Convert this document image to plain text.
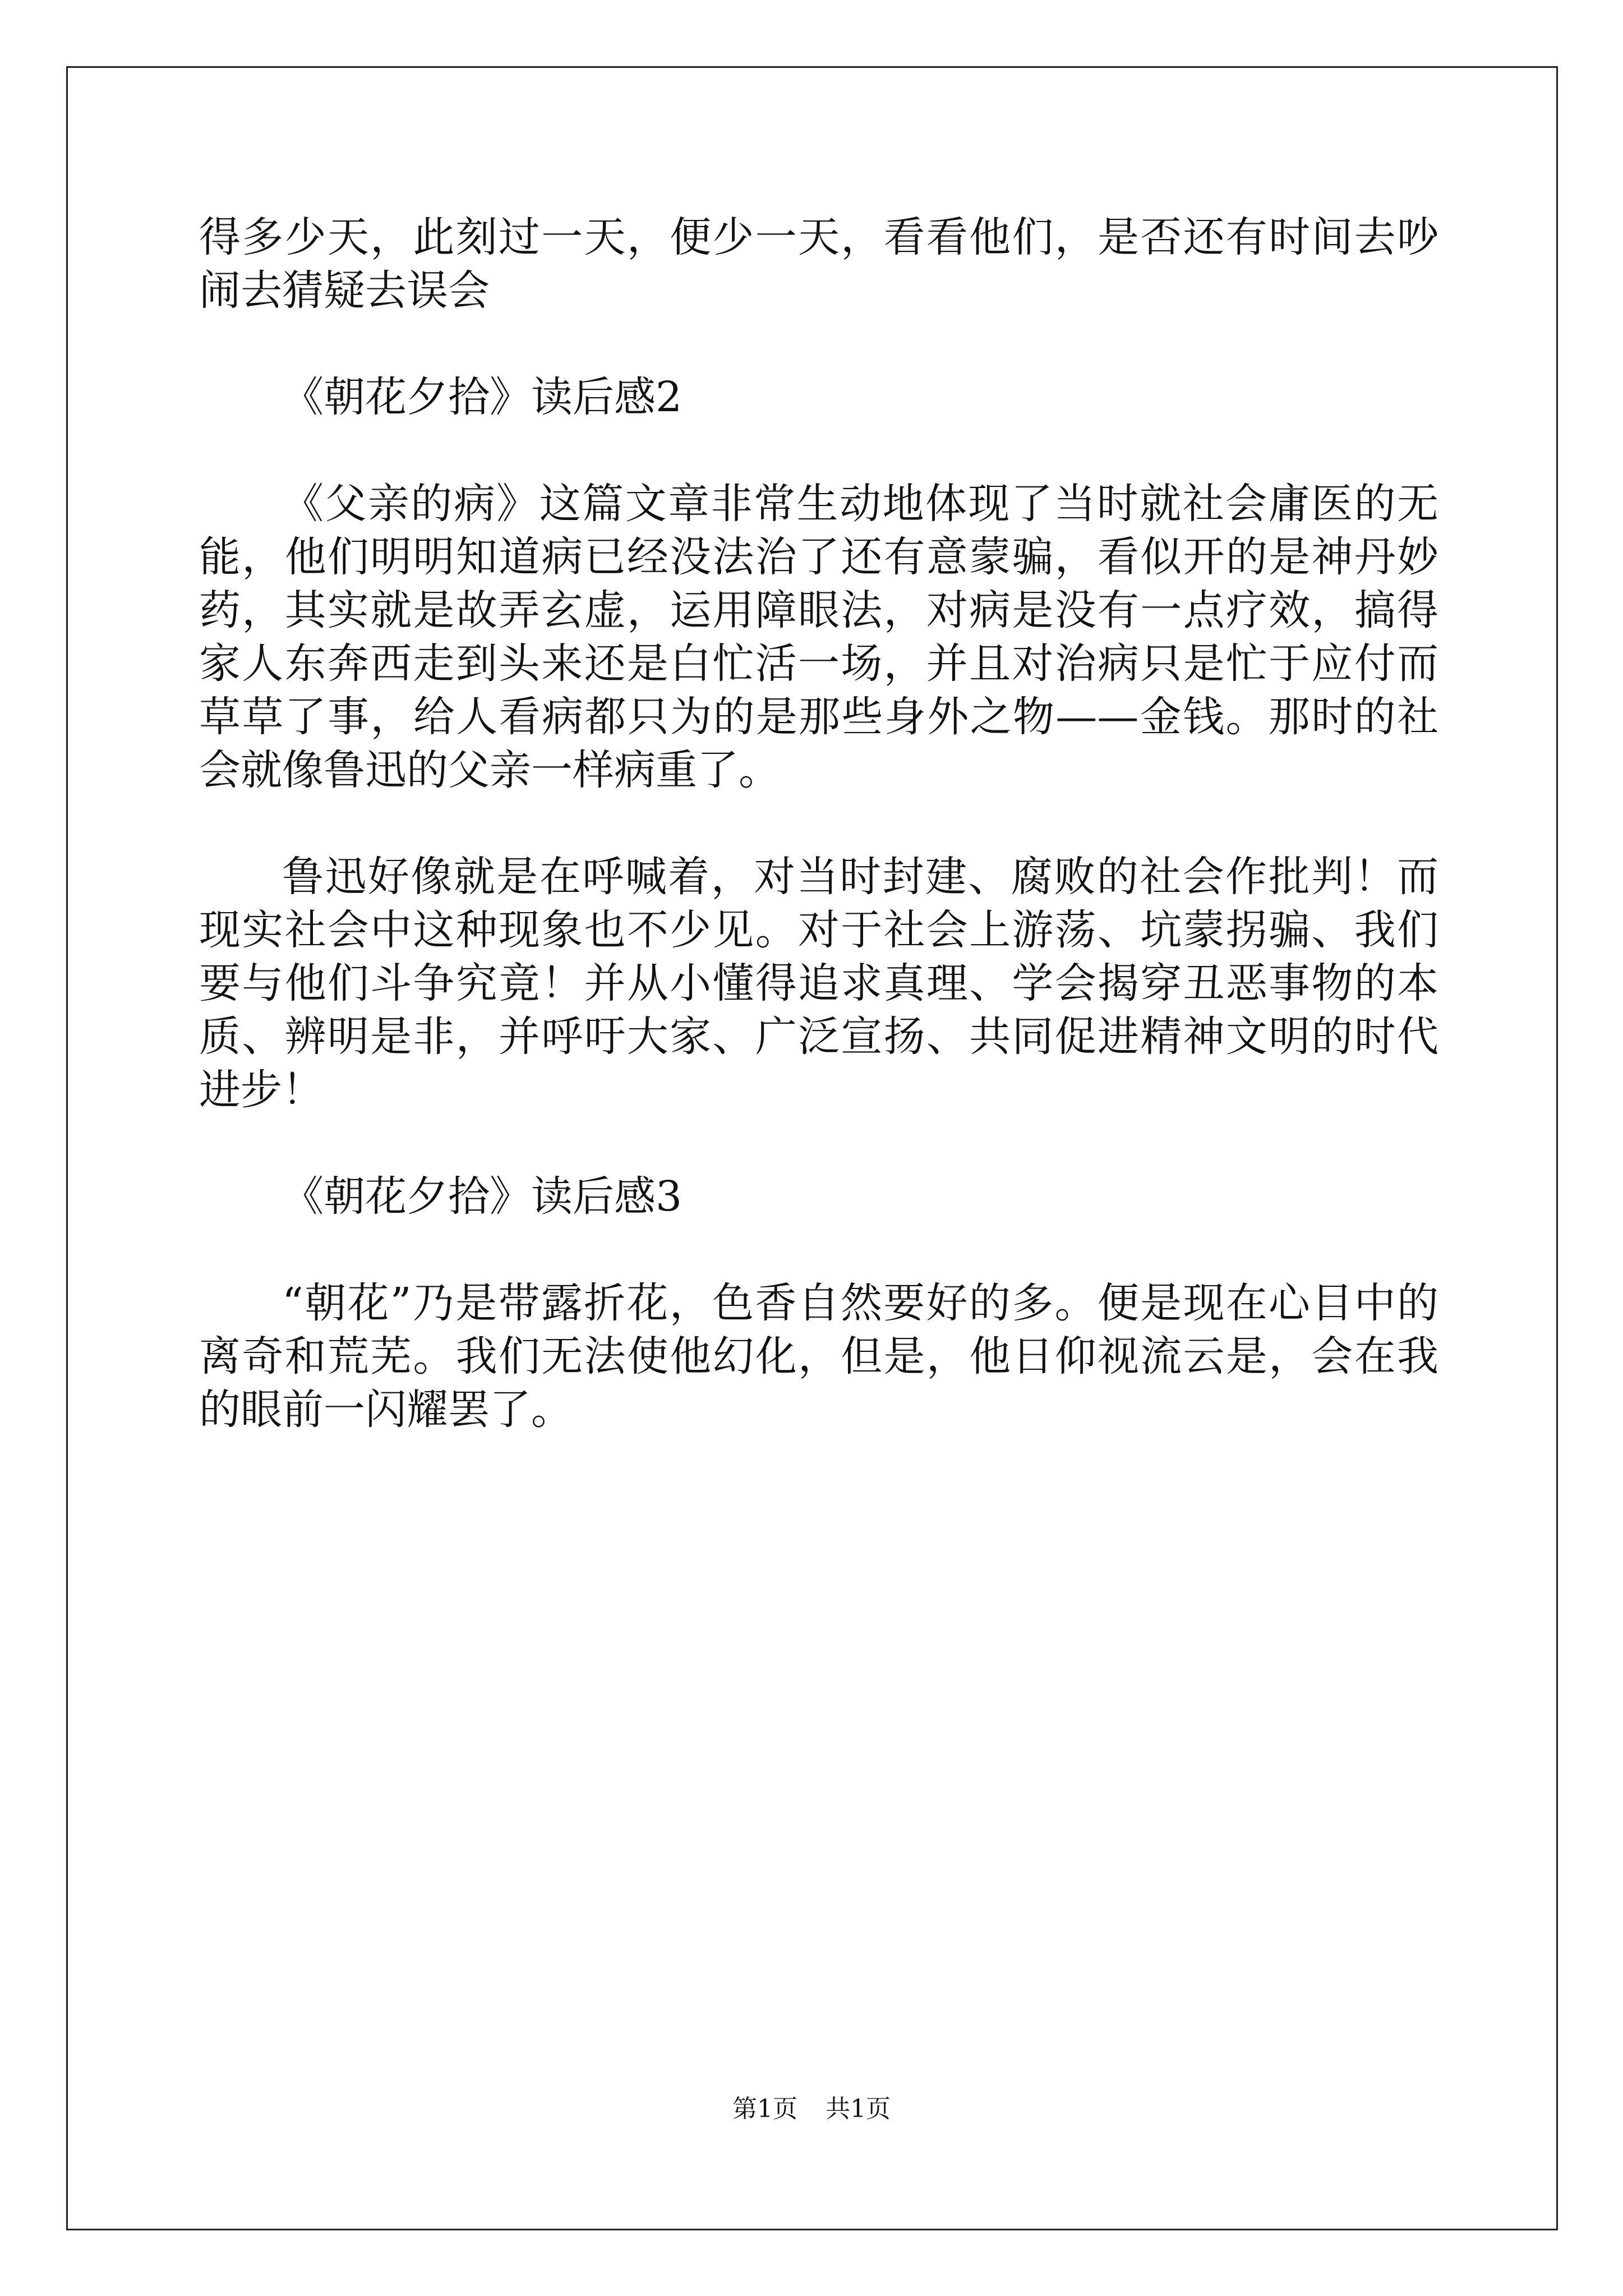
得多少天，此刻过一天，便少一天，看看他们，是否还有时间去吵闹去猜疑去误会

《朝花夕拾》读后感2

《父亲的病》这篇文章非常生动地体现了当时就社会庸医的无能，他们明明知道病已经没法治了还有意蒙骗，看似开的是神丹妙药，其实就是故弄玄虚，运用障眼法，对病是没有一点疗效，搞得家人东奔西走到头来还是白忙活一场，并且对治病只是忙于应付而草草了事，给人看病都只为的是那些身外之物——金钱。那时的社会就像鲁迅的父亲一样病重了。

鲁迅好像就是在呼喊着，对当时封建、腐败的社会作批判！而现实社会中这种现象也不少见。对于社会上游荡、坑蒙拐骗、我们要与他们斗争究竟！并从小懂得追求真理、学会揭穿丑恶事物的本质、辨明是非，并呼吁大家、广泛宣扬、共同促进精神文明的时代进步！

《朝花夕拾》读后感3

“朝花”乃是带露折花，色香自然要好的多。便是现在心目中的离奇和荒芜。我们无法使他幻化，但是，他日仰视流云是，会在我的眼前一闪耀罢了。

第1页 共1页
